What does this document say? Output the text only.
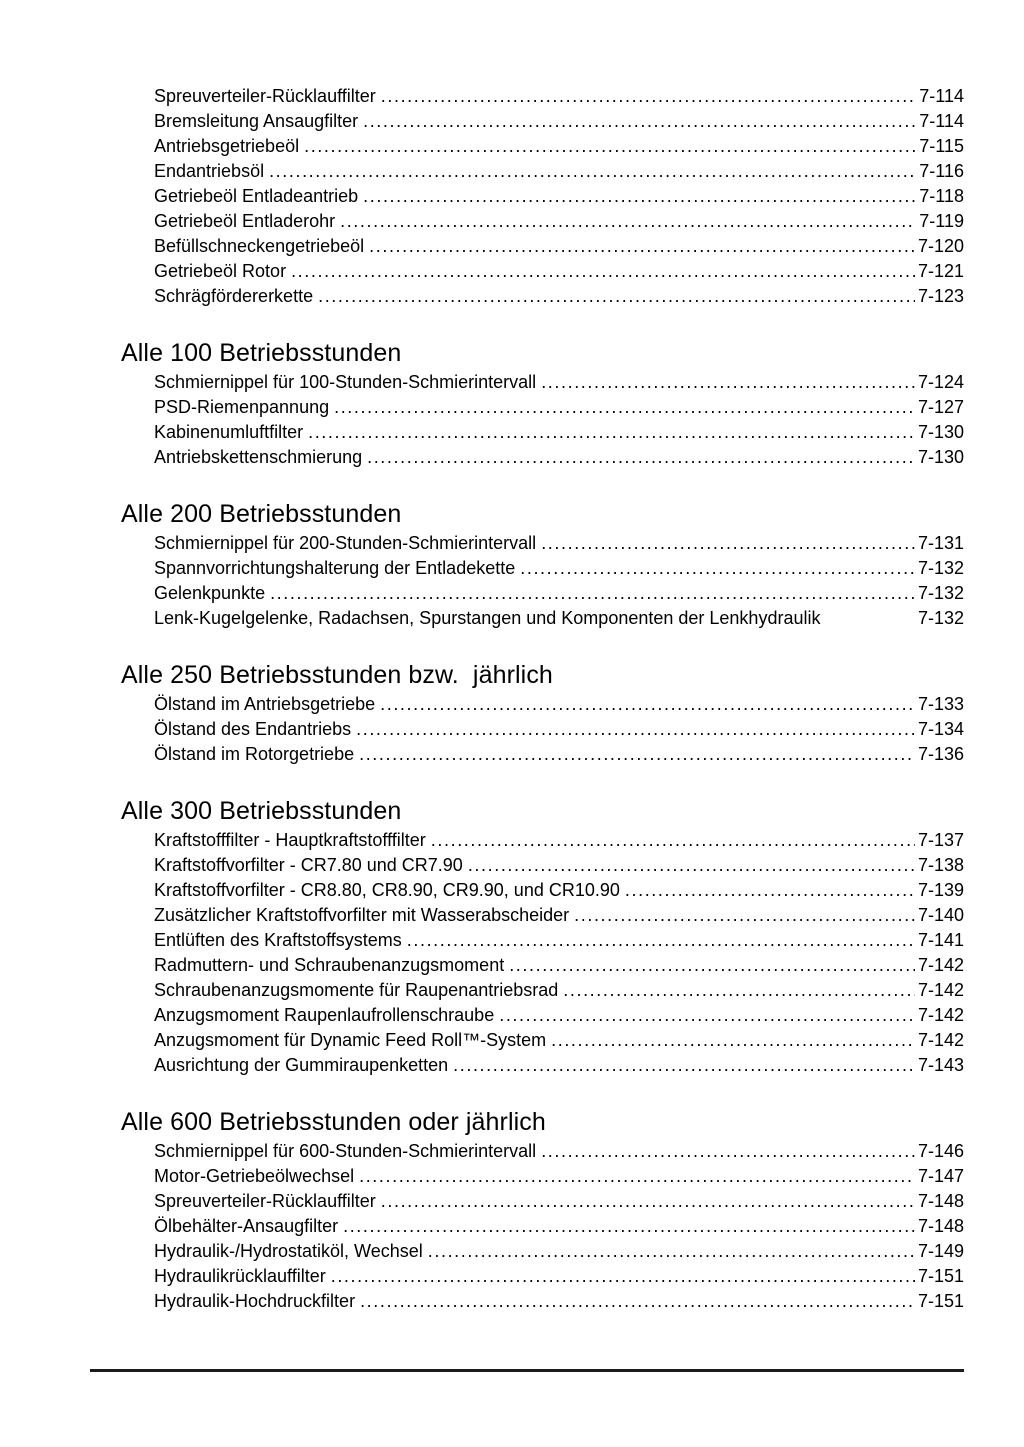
Spreuverteiler-Rücklauffilter .....	7-114
Bremsleitung Ansaugfilter .....	7-114
Antriebsgetriebeöl .....	7-115
Endantriebsöl .....	7-116
Getriebeöl Entladeantrieb .....	7-118
Getriebeöl Entladerohr .....	7-119
Befüllschneckengetriebeöl .....	7-120
Getriebeöl Rotor .....	7-121
Schrägfördererkette .....	7-123
Alle 100 Betriebsstunden
Schmiernippel für 100-Stunden-Schmierintervall .....	7-124
PSD-Riemenpannung .....	7-127
Kabinenumluftfilter .....	7-130
Antriebskettenschmierung .....	7-130
Alle 200 Betriebsstunden
Schmiernippel für 200-Stunden-Schmierintervall .....	7-131
Spannvorrichtungshalterung der Entladekette .....	7-132
Gelenkpunkte .....	7-132
Lenk-Kugelgelenke, Radachsen, Spurstangen und Komponenten der Lenkhydraulik	7-132
Alle 250 Betriebsstunden bzw.  jährlich
Ölstand im Antriebsgetriebe .....	7-133
Ölstand des Endantriebs .....	7-134
Ölstand im Rotorgetriebe .....	7-136
Alle 300 Betriebsstunden
Kraftstofffilter - Hauptkraftstofffilter .....	7-137
Kraftstoffvorfilter - CR7.80 und CR7.90 .....	7-138
Kraftstoffvorfilter - CR8.80, CR8.90, CR9.90, und CR10.90 .....	7-139
Zusätzlicher Kraftstoffvorfilter mit Wasserabscheider .....	7-140
Entlüften des Kraftstoffsystems .....	7-141
Radmuttern- und Schraubenanzugsmoment .....	7-142
Schraubenanzugsmomente für Raupenantriebsrad .....	7-142
Anzugsmoment Raupenlaufrollenschraube .....	7-142
Anzugsmoment für Dynamic Feed Roll™-System .....	7-142
Ausrichtung der Gummiraupenketten .....	7-143
Alle 600 Betriebsstunden oder jährlich
Schmiernippel für 600-Stunden-Schmierintervall .....	7-146
Motor-Getriebeölwechsel .....	7-147
Spreuverteiler-Rücklauffilter .....	7-148
Ölbehälter-Ansaugfilter .....	7-148
Hydraulik-/Hydrostatiköl, Wechsel .....	7-149
Hydraulikrücklauffilter .....	7-151
Hydraulik-Hochdruckfilter .....	7-151
